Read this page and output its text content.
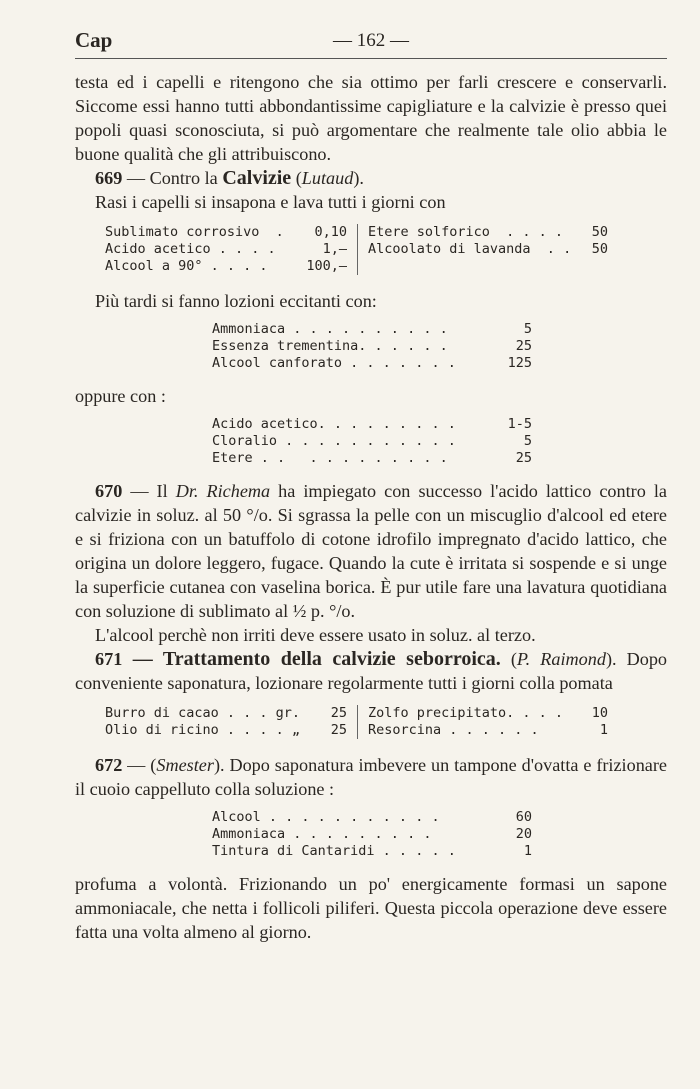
Cap	— 162 —

testa ed i capelli e ritengono che sia ottimo per farli crescere e conservarli. Siccome essi hanno tutti abbondantissime capigliature e la calvizie è presso quei popoli quasi sconosciuta, si può argomentare che realmente tale olio abbia le buone qualità che gli attribuiscono.

669 — Contro la Calvizie (Lutaud).

Rasi i capelli si insapona e lava tutti i giorni con

Sublimato corrosivo  . 0,10
Acido acetico . . . .	1,—
Alcool a 90° . . . .	100,—
Etere solforico  . . . . 50
Alcoolato di lavanda  . . 50

Più tardi si fanno lozioni eccitanti con:

Ammoniaca . . . . . . . . . .	5
Essenza trementina. . . . . .	25
Alcool canforato . . . . . . .	125

oppure con :

Acido acetico. . . . . . . . .	1-5
Cloralio . . . . . . . . . . .	5
Etere . .   . . . . . . . . .	25

670 — Il Dr. Richema ha impiegato con successo l'acido lattico contro la calvizie in soluz. al 50 °/o. Si sgrassa la pelle con un miscuglio d'alcool ed etere e si friziona con un batuffolo di cotone idrofilo impregnato d'acido lattico, che origina un dolore leggero, fugace. Quando la cute è irritata si sospende e si unge la superficie cutanea con vaselina borica. È pur utile fare una lavatura quotidiana con soluzione di sublimato al ½ p. °/o.

L'alcool perchè non irriti deve essere usato in soluz. al terzo.

671 — Trattamento della calvizie seborroica. (P. Raimond). Dopo conveniente saponatura, lozionare regolarmente tutti i giorni colla pomata

Burro di cacao . . . gr. 25
Olio di ricino . . . . „ 25
Zolfo precipitato. . . . 10
Resorcina . . . . . .	1

672 — (Smester). Dopo saponatura imbevere un tampone d'ovatta e frizionare il cuoio cappelluto colla soluzione :

Alcool . . . . . . . . . . .	60
Ammoniaca . . . . . . . . .	20
Tintura di Cantaridi . . . . .	1

profuma a volontà. Frizionando un po' energicamente formasi un sapone ammoniacale, che netta i follicoli piliferi. Questa piccola operazione deve essere fatta una volta almeno al giorno.
